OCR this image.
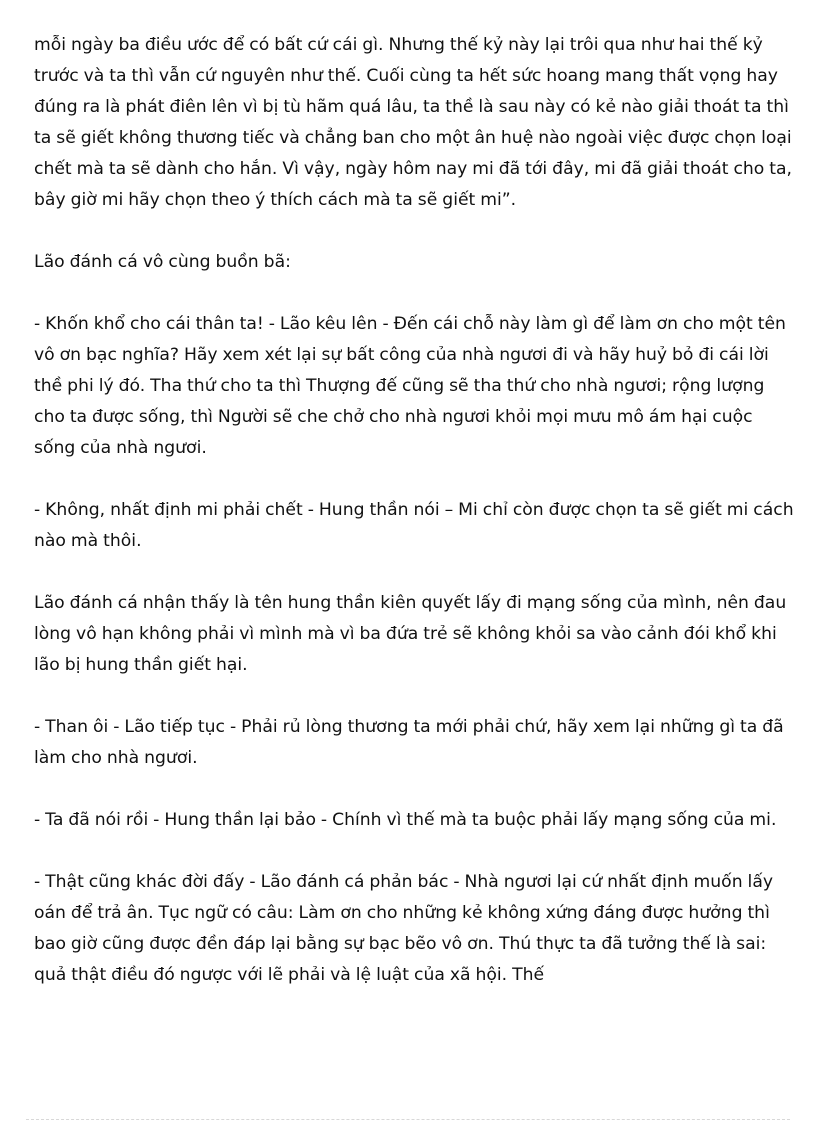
mỗi ngày ba điều ước để có bất cứ cái gì. Nhưng thế kỷ này lại trôi qua như hai thế kỷ trước và ta thì vẫn cứ nguyên như thế. Cuối cùng ta hết sức hoang mang thất vọng hay đúng ra là phát điên lên vì bị tù hãm quá lâu, ta thề là sau này có kẻ nào giải thoát ta thì ta sẽ giết không thương tiếc và chẳng ban cho một ân huệ nào ngoài việc được chọn loại chết mà ta sẽ dành cho hắn. Vì vậy, ngày hôm nay mi đã tới đây, mi đã giải thoát cho ta, bây giờ mi hãy chọn theo ý thích cách mà ta sẽ giết mi”.

Lão đánh cá vô cùng buồn bã:

- Khốn khổ cho cái thân ta! - Lão kêu lên - Đến cái chỗ này làm gì để làm ơn cho một tên vô ơn bạc nghĩa? Hãy xem xét lại sự bất công của nhà ngươi đi và hãy huỷ bỏ đi cái lời thề phi lý đó. Tha thứ cho ta thì Thượng đế cũng sẽ tha thứ cho nhà ngươi; rộng lượng cho ta được sống, thì Người sẽ che chở cho nhà ngươi khỏi mọi mưu mô ám hại cuộc sống của nhà ngươi.

- Không, nhất định mi phải chết - Hung thần nói – Mi chỉ còn được chọn ta sẽ giết mi cách nào mà thôi.

Lão đánh cá nhận thấy là tên hung thần kiên quyết lấy đi mạng sống của mình, nên đau lòng vô hạn không phải vì mình mà vì ba đứa trẻ sẽ không khỏi sa vào cảnh đói khổ khi lão bị hung thần giết hại.

- Than ôi - Lão tiếp tục - Phải rủ lòng thương ta mới phải chứ, hãy xem lại những gì ta đã làm cho nhà ngươi.

- Ta đã nói rồi - Hung thần lại bảo - Chính vì thế mà ta buộc phải lấy mạng sống của mi.

- Thật cũng khác đời đấy - Lão đánh cá phản bác - Nhà ngươi lại cứ nhất định muốn lấy oán để trả ân. Tục ngữ có câu: Làm ơn cho những kẻ không xứng đáng được hưởng thì bao giờ cũng được đền đáp lại bằng sự bạc bẽo vô ơn. Thú thực ta đã tưởng thế là sai: quả thật điều đó ngược với lẽ phải và lệ luật của xã hội. Thế
